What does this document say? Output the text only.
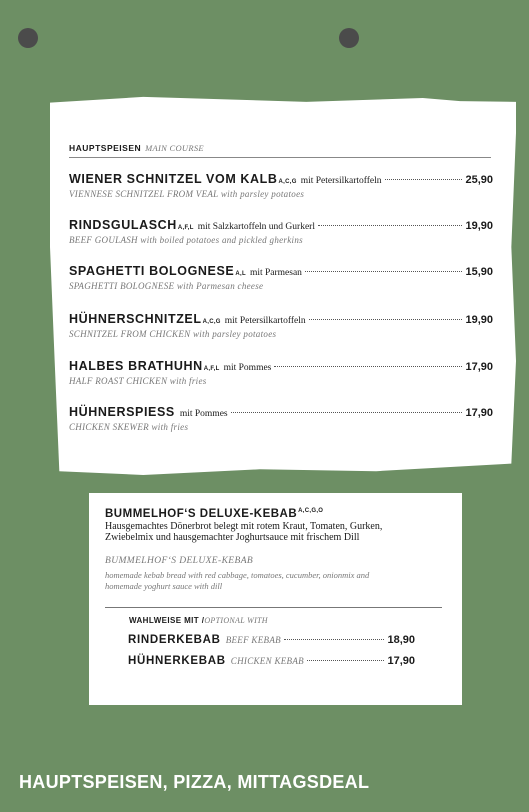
HAUPTSPEISEN MAIN COURSE
WIENER SCHNITZEL VOM KALB A,C,G mit Petersilkartoffeln	25,90
VIENNESE SCHNITZEL FROM VEAL with parsley potatoes
RINDSGULASCH A,F,L mit Salzkartoffeln und Gurkerl	19,90
BEEF GOULASH with boiled potatoes and pickled gherkins
SPAGHETTI BOLOGNESE A,L mit Parmesan	15,90
SPAGHETTI BOLOGNESE with Parmesan cheese
HÜHNERSCHNITZEL A,C,G mit Petersilkartoffeln	19,90
SCHNITZEL FROM CHICKEN with parsley potatoes
HALBES BRATHUHN A,F,L mit Pommes	17,90
HALF ROAST CHICKEN with fries
HÜHNERSPIESS mit Pommes	17,90
CHICKEN SKEWER with fries
BUMMELHOF‘S DELUXE-$KEBAB^{A,C,G,O}$
Hausgemachtes Dönerbrot belegt mit rotem Kraut, Tomaten, Gurken, Zwiebelmix und hausgemachter Joghurtsauce mit frischem Dill
BUMMELHOF‘S DELUXE-KEBAB
homemade kebab bread with red cabbage, tomatoes, cucumber, onionmix and homemade yoghurt sauce with dill
WAHLWEISE MIT /OPTIONAL WITH
RINDERKEBAB BEEF KEBAB	18,90
HÜHNERKEBAB CHICKEN KEBAB	17,90
HAUPTSPEISEN, PIZZA, MITTAGSDEAL
